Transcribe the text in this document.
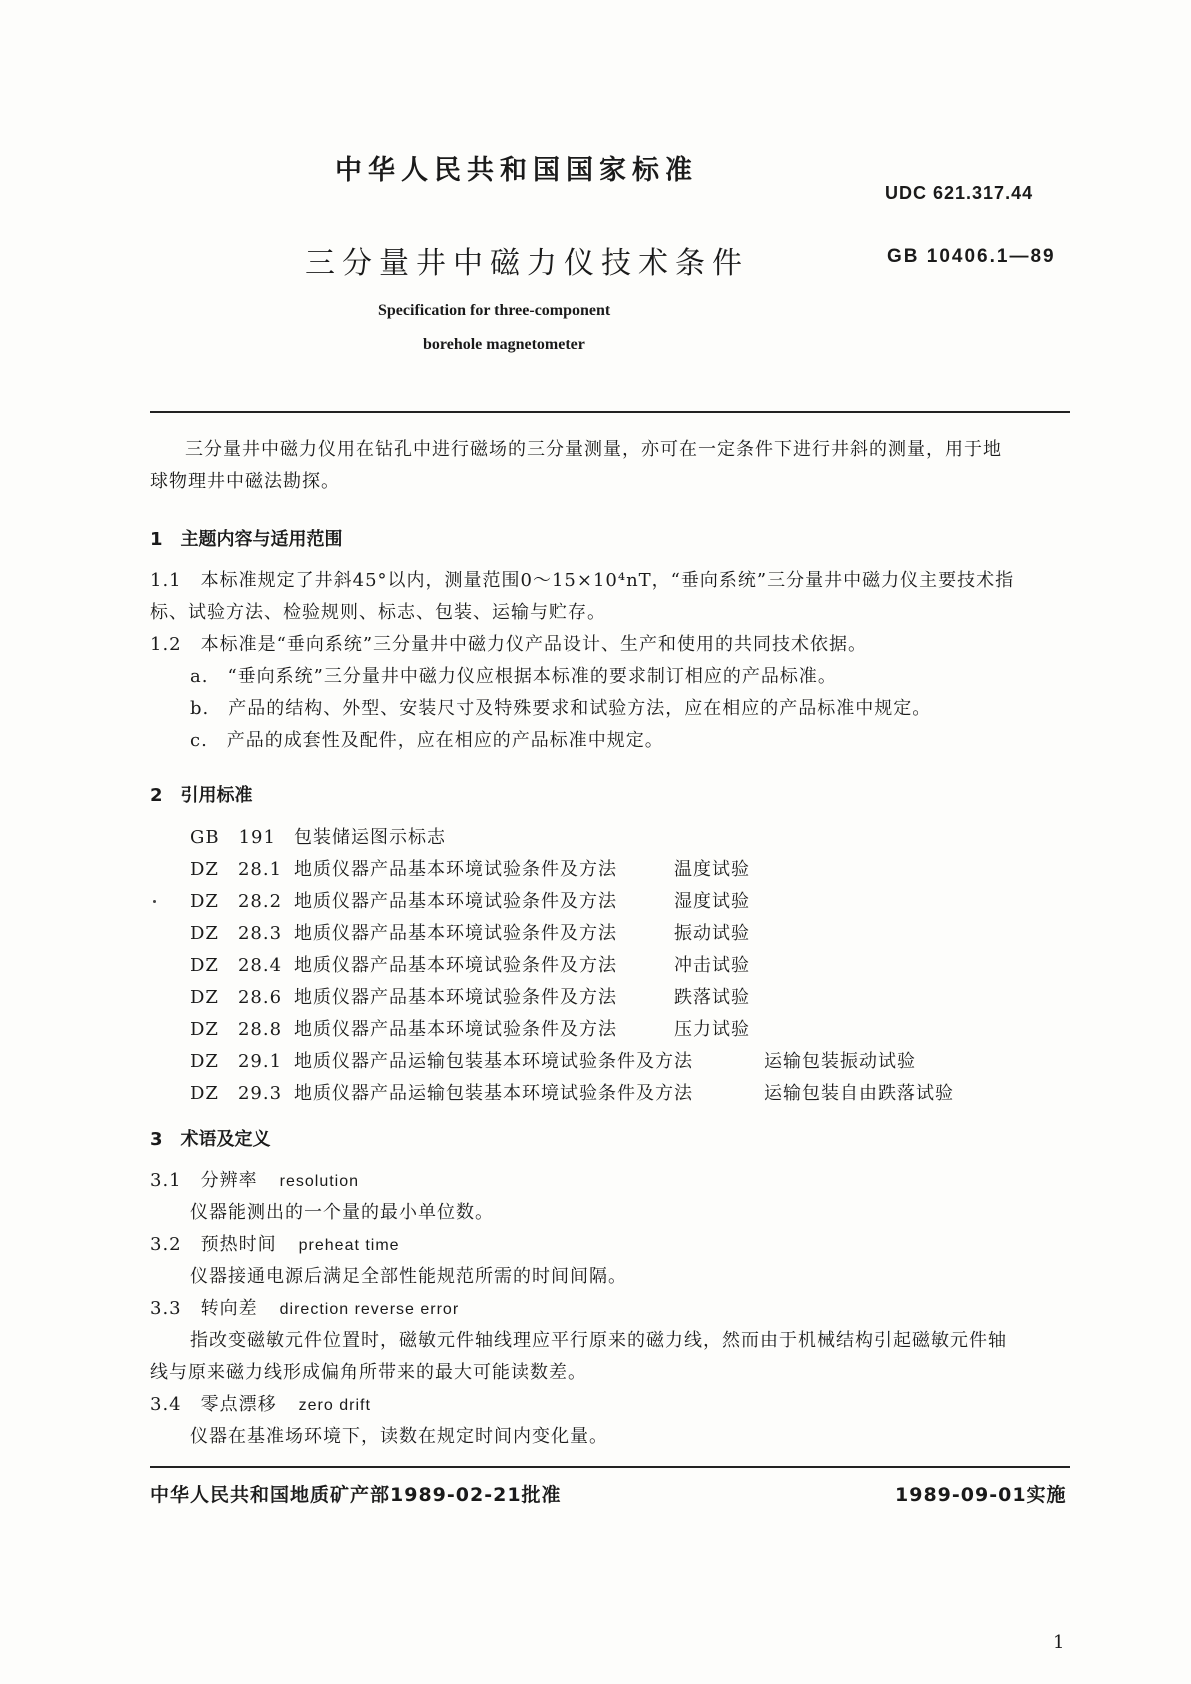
中华人民共和国国家标准
UDC 621.317.44
三分量井中磁力仪技术条件	GB 10406.1—89
Specification for three-component
borehole magnetometer
三分量井中磁力仪用在钻孔中进行磁场的三分量测量，亦可在一定条件下进行井斜的测量，用于地
球物理井中磁法勘探。
1　主题内容与适用范围
1.1　本标准规定了井斜45°以内，测量范围0～15×10⁴nT，“垂向系统”三分量井中磁力仪主要技术指
标、试验方法、检验规则、标志、包装、运输与贮存。
1.2　本标准是“垂向系统”三分量井中磁力仪产品设计、生产和使用的共同技术依据。
a.　“垂向系统”三分量井中磁力仪应根据本标准的要求制订相应的产品标准。
b.　产品的结构、外型、安装尺寸及特殊要求和试验方法，应在相应的产品标准中规定。
c.　产品的成套性及配件，应在相应的产品标准中规定。
2　引用标准
GB　191 包装储运图示标志
DZ　28.1 地质仪器产品基本环境试验条件及方法	温度试验
DZ　28.2 地质仪器产品基本环境试验条件及方法	湿度试验
DZ　28.3 地质仪器产品基本环境试验条件及方法	振动试验
DZ　28.4 地质仪器产品基本环境试验条件及方法	冲击试验
DZ　28.6 地质仪器产品基本环境试验条件及方法	跌落试验
DZ　28.8 地质仪器产品基本环境试验条件及方法	压力试验
DZ　29.1 地质仪器产品运输包装基本环境试验条件及方法	运输包装振动试验
DZ　29.3 地质仪器产品运输包装基本环境试验条件及方法	运输包装自由跌落试验
3　术语及定义
3.1　 分辨率 resolution
仪器能测出的一个量的最小单位数。
3.2　 预热时间 preheat time
仪器接通电源后满足全部性能规范所需的时间间隔。
3.3　 转向差 direction reverse error
指改变磁敏元件位置时，磁敏元件轴线理应平行原来的磁力线，然而由于机械结构引起磁敏元件轴
线与原来磁力线形成偏角所带来的最大可能读数差。
3.4　 零点漂移 zero drift
仪器在基准场环境下，读数在规定时间内变化量。
中华人民共和国地质矿产部1989-02-21批准	1989-09-01实施
1
